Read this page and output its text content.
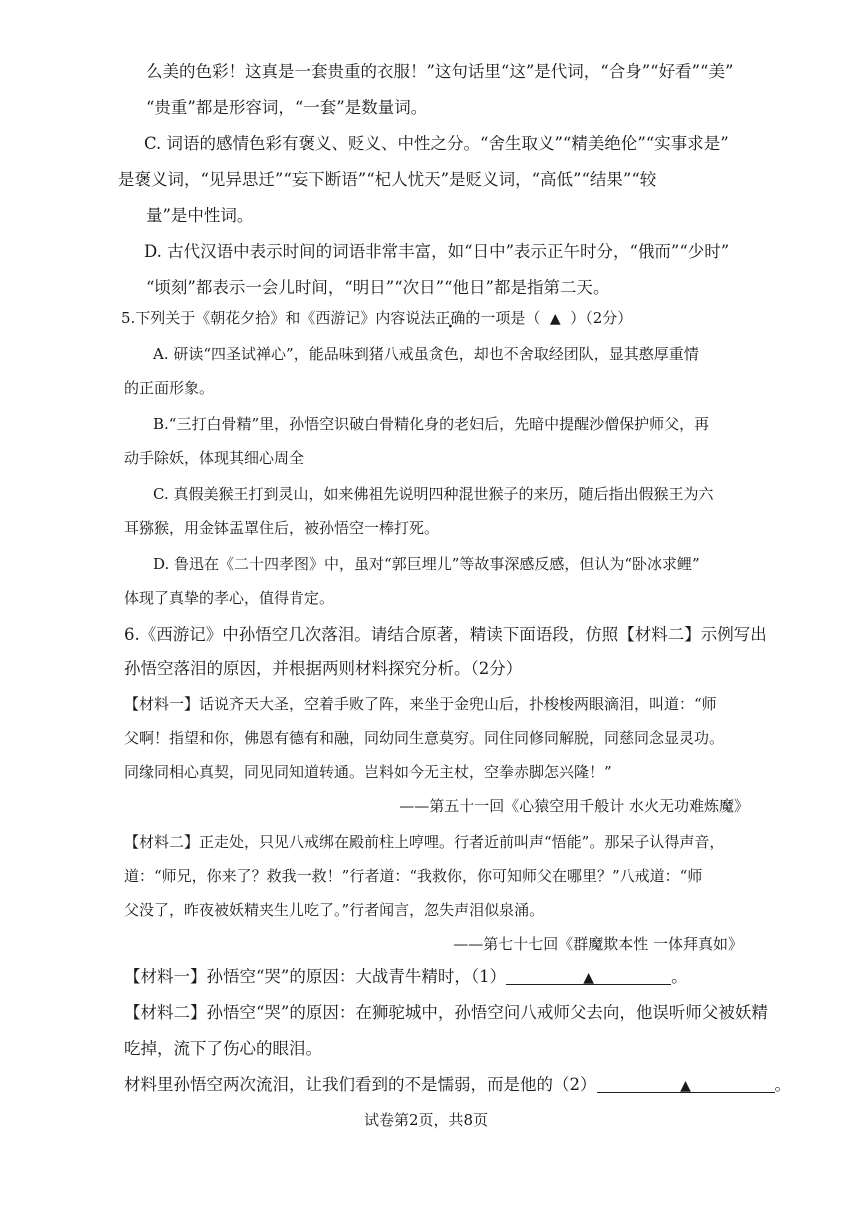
么美的色彩！这真是一套贵重的衣服！”这句话里“这”是代词，“合身”“好看”“美”
“贵重”都是形容词，“一套”是数量词。
C. 词语的感情色彩有褒义、贬义、中性之分。“舍生取义”“精美绝伦”“实事求是”
是褒义词，“见异思迁”“妄下断语”“杞人忧天”是贬义词，“高低”“结果”“较
量”是中性词。
D. 古代汉语中表示时间的词语非常丰富，如“日中”表示正午时分，“俄而”“少时”
“顷刻”都表示一会儿时间，“明日”“次日”“他日”都是指第二天。
5.下列关于《朝花夕拾》和《西游记》内容说法正确的一项是（ ▲ ）（2分）
A. 研读“四圣试禅心”，能品味到猪八戒虽贪色，却也不舍取经团队，显其憨厚重情
的正面形象。
B.“三打白骨精”里，孙悟空识破白骨精化身的老妇后，先暗中提醒沙僧保护师父，再
动手除妖，体现其细心周全
C. 真假美猴王打到灵山，如来佛祖先说明四种混世猴子的来历，随后指出假猴王为六
耳猕猴，用金钵盂罩住后，被孙悟空一棒打死。
D. 鲁迅在《二十四孝图》中，虽对“郭巨埋儿”等故事深感反感，但认为“卧冰求鲤”
体现了真挚的孝心，值得肯定。
6.《西游记》中孙悟空几次落泪。请结合原著，精读下面语段，仿照【材料二】示例写出
孙悟空落泪的原因，并根据两则材料探究分析。（2分）
【材料一】话说齐天大圣，空着手败了阵，来坐于金兜山后，扑梭梭两眼滴泪，叫道：“师
父啊！指望和你，佛恩有德有和融，同幼同生意莫穷。同住同修同解脱，同慈同念显灵功。
同缘同相心真契，同见同知道转通。岂料如今无主杖，空拳赤脚怎兴隆！”
——第五十一回《心猿空用千般计 水火无功难炼魔》
【材料二】正走处，只见八戒绑在殿前柱上哼哩。行者近前叫声“悟能”。那呆子认得声音，
道：“师兄，你来了？救我一救！”行者道：“我救你，你可知师父在哪里？”八戒道：“师
父没了，昨夜被妖精夹生儿吃了。”行者闻言，忽失声泪似泉涌。
——第七十七回《群魔欺本性 一体拜真如》
【材料一】孙悟空“哭”的原因：大战青牛精时，（1）	▲	。
【材料二】孙悟空“哭”的原因：在狮驼城中，孙悟空问八戒师父去向，他误听师父被妖精
吃掉，流下了伤心的眼泪。
材料里孙悟空两次流泪，让我们看到的不是懦弱，而是他的（2）	▲	。
试卷第2页，共8页
